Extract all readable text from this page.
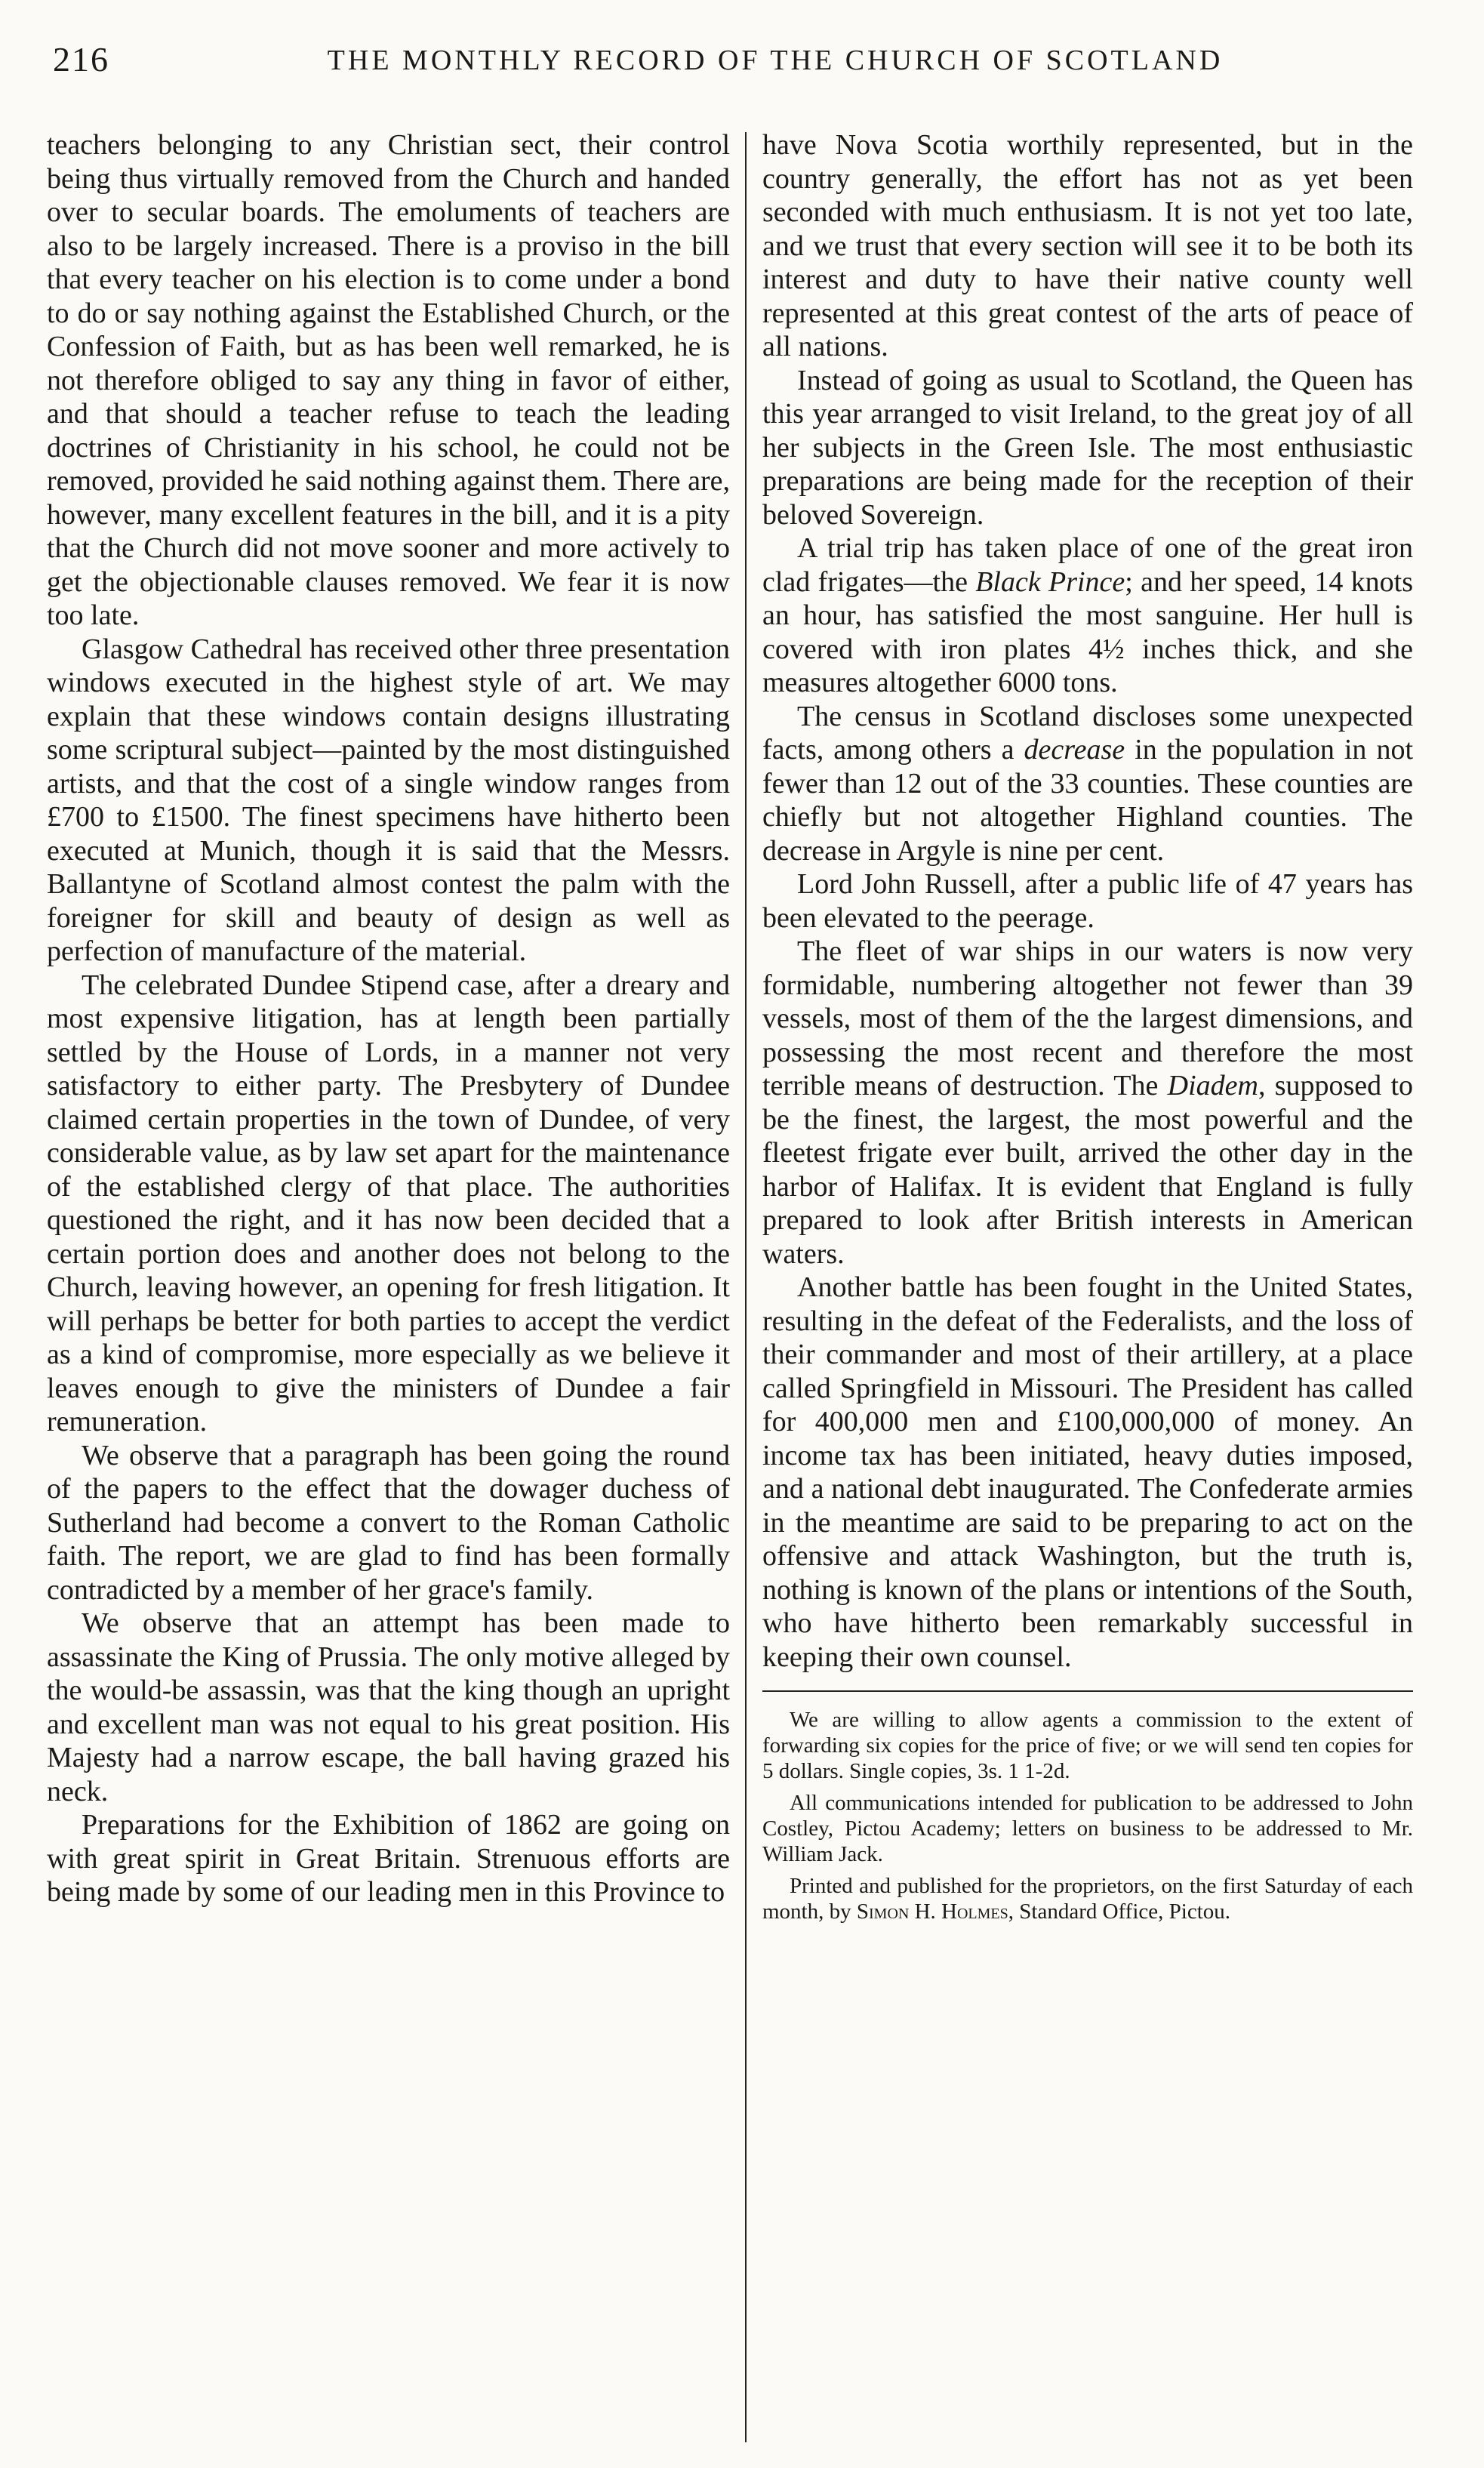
216	THE MONTHLY RECORD OF THE CHURCH OF SCOTLAND

teachers belonging to any Christian sect, their control being thus virtually removed from the Church and handed over to secular boards. The emoluments of teachers are also to be largely increased. There is a proviso in the bill that every teacher on his election is to come under a bond to do or say nothing against the Established Church, or the Confession of Faith, but as has been well remarked, he is not therefore obliged to say any thing in favor of either, and that should a teacher refuse to teach the leading doctrines of Christianity in his school, he could not be removed, provided he said nothing against them. There are, however, many excellent features in the bill, and it is a pity that the Church did not move sooner and more actively to get the objectionable clauses removed. We fear it is now too late.

Glasgow Cathedral has received other three presentation windows executed in the highest style of art. We may explain that these windows contain designs illustrating some scriptural subject—painted by the most distinguished artists, and that the cost of a single window ranges from £700 to £1500. The finest specimens have hitherto been executed at Munich, though it is said that the Messrs. Ballantyne of Scotland almost contest the palm with the foreigner for skill and beauty of design as well as perfection of manufacture of the material.

The celebrated Dundee Stipend case, after a dreary and most expensive litigation, has at length been partially settled by the House of Lords, in a manner not very satisfactory to either party. The Presbytery of Dundee claimed certain properties in the town of Dundee, of very considerable value, as by law set apart for the maintenance of the established clergy of that place. The authorities questioned the right, and it has now been decided that a certain portion does and another does not belong to the Church, leaving however, an opening for fresh litigation. It will perhaps be better for both parties to accept the verdict as a kind of compromise, more especially as we believe it leaves enough to give the ministers of Dundee a fair remuneration.

We observe that a paragraph has been going the round of the papers to the effect that the dowager duchess of Sutherland had become a convert to the Roman Catholic faith. The report, we are glad to find has been formally contradicted by a member of her grace's family.

We observe that an attempt has been made to assassinate the King of Prussia. The only motive alleged by the would-be assassin, was that the king though an upright and excellent man was not equal to his great position. His Majesty had a narrow escape, the ball having grazed his neck.

Preparations for the Exhibition of 1862 are going on with great spirit in Great Britain. Strenuous efforts are being made by some of our leading men in this Province to

have Nova Scotia worthily represented, but in the country generally, the effort has not as yet been seconded with much enthusiasm. It is not yet too late, and we trust that every section will see it to be both its interest and duty to have their native county well represented at this great contest of the arts of peace of all nations.

Instead of going as usual to Scotland, the Queen has this year arranged to visit Ireland, to the great joy of all her subjects in the Green Isle. The most enthusiastic preparations are being made for the reception of their beloved Sovereign.

A trial trip has taken place of one of the great iron clad frigates—the Black Prince; and her speed, 14 knots an hour, has satisfied the most sanguine. Her hull is covered with iron plates 4½ inches thick, and she measures altogether 6000 tons.

The census in Scotland discloses some unexpected facts, among others a decrease in the population in not fewer than 12 out of the 33 counties. These counties are chiefly but not altogether Highland counties. The decrease in Argyle is nine per cent.

Lord John Russell, after a public life of 47 years has been elevated to the peerage.

The fleet of war ships in our waters is now very formidable, numbering altogether not fewer than 39 vessels, most of them of the the largest dimensions, and possessing the most recent and therefore the most terrible means of destruction. The Diadem, supposed to be the finest, the largest, the most powerful and the fleetest frigate ever built, arrived the other day in the harbor of Halifax. It is evident that England is fully prepared to look after British interests in American waters.

Another battle has been fought in the United States, resulting in the defeat of the Federalists, and the loss of their commander and most of their artillery, at a place called Springfield in Missouri. The President has called for 400,000 men and £100,000,000 of money. An income tax has been initiated, heavy duties imposed, and a national debt inaugurated. The Confederate armies in the meantime are said to be preparing to act on the offensive and attack Washington, but the truth is, nothing is known of the plans or intentions of the South, who have hitherto been remarkably successful in keeping their own counsel.

We are willing to allow agents a commission to the extent of forwarding six copies for the price of five; or we will send ten copies for 5 dollars. Single copies, 3s. 1 1-2d.

All communications intended for publication to be addressed to John Costley, Pictou Academy; letters on business to be addressed to Mr. William Jack.

Printed and published for the proprietors, on the first Saturday of each month, by Simon H. Holmes, Standard Office, Pictou.
